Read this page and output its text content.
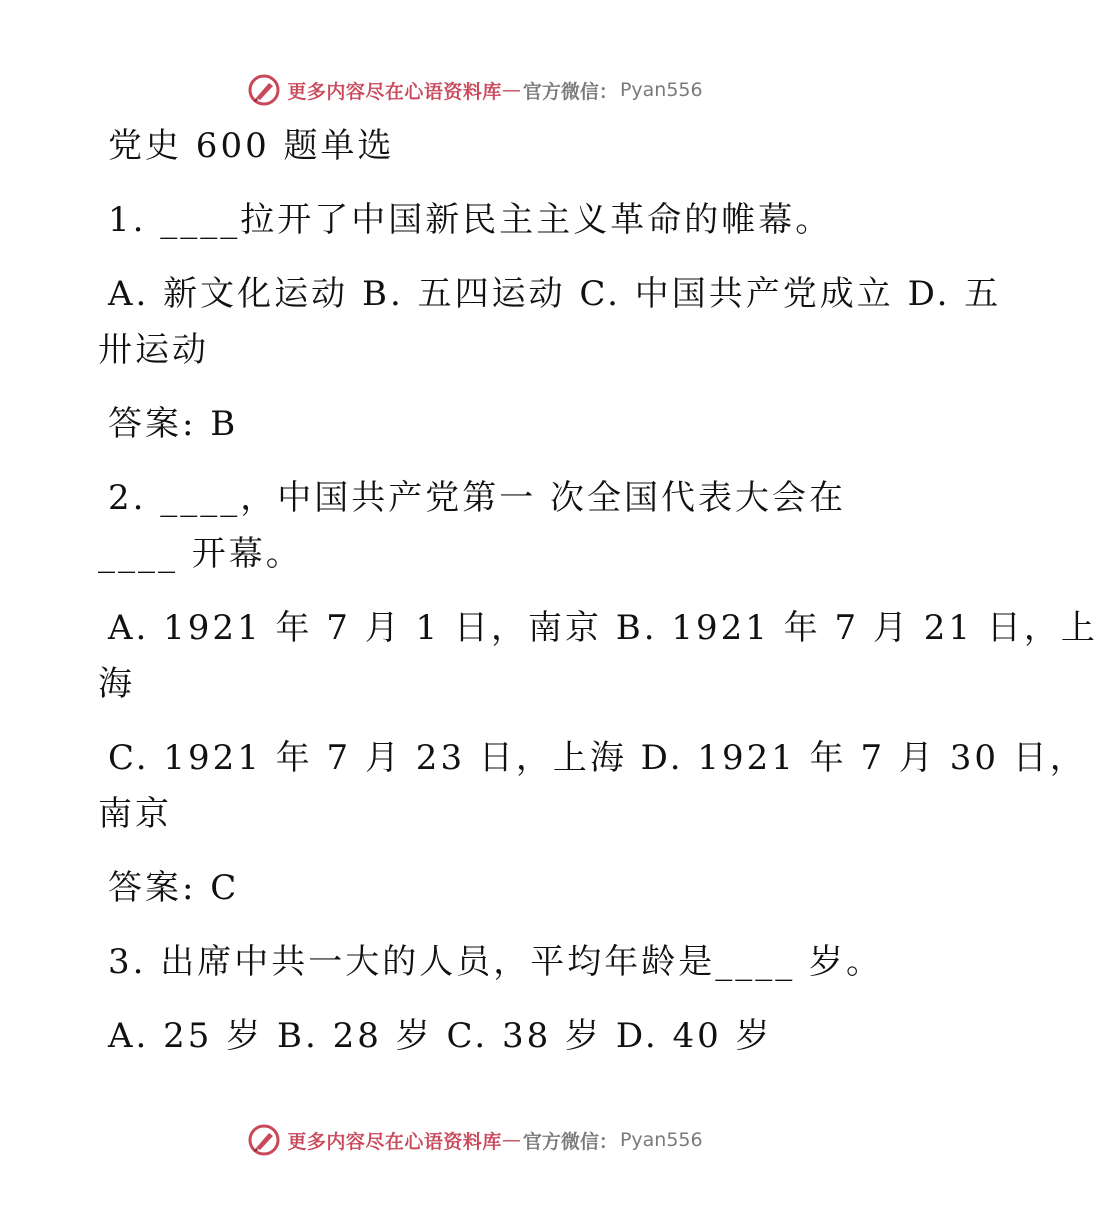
更多内容尽在心语资料库 — 官方微信： Pyan556
党史 600 题单选
1. ____拉开了中国新民主主义革命的帷幕。
A. 新文化运动 B. 五四运动 C. 中国共产党成立 D. 五
卅运动
答案: B
2. ____，中国共产党第一 次全国代表大会在
____ 开幕。
A. 1921 年 7 月 1 日，南京 B. 1921 年 7 月 21 日，上
海
C. 1921 年 7 月 23 日，上海 D. 1921 年 7 月 30 日，
南京
答案: C
3. 出席中共一大的人员，平均年龄是____ 岁。
A. 25 岁 B. 28 岁 C. 38 岁 D. 40 岁
更多内容尽在心语资料库 — 官方微信： Pyan556
